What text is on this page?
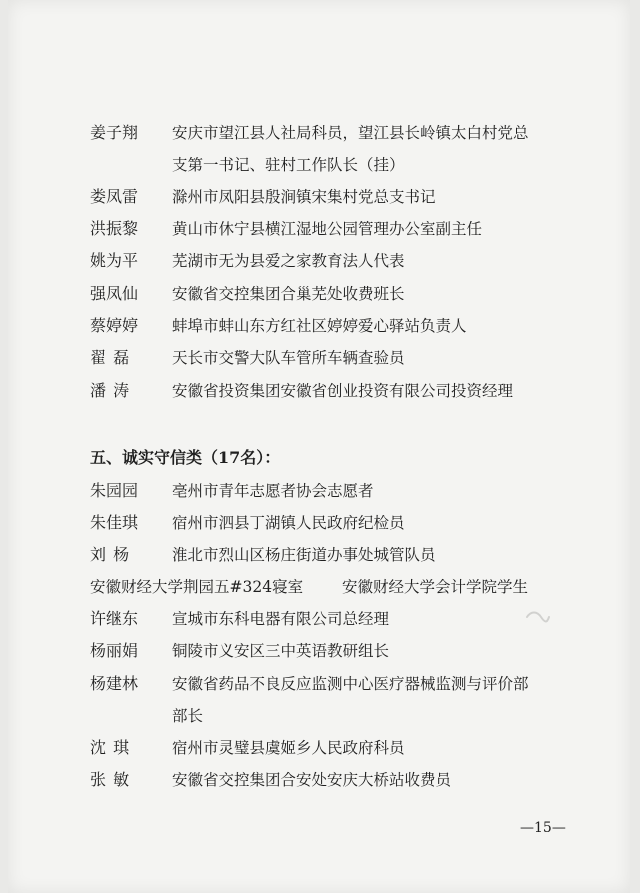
姜子翔	安庆市望江县人社局科员，望江县长岭镇太白村党总
支第一书记、驻村工作队长（挂）
娄凤雷	滁州市凤阳县殷涧镇宋集村党总支书记
洪振黎	黄山市休宁县横江湿地公园管理办公室副主任
姚为平	芜湖市无为县爱之家教育法人代表
强凤仙	安徽省交控集团合巢芜处收费班长
蔡婷婷	蚌埠市蚌山东方红社区婷婷爱心驿站负责人
翟 磊	天长市交警大队车管所车辆查验员
潘 涛	安徽省投资集团安徽省创业投资有限公司投资经理
五、诚实守信类（17名）：
朱园园	亳州市青年志愿者协会志愿者
朱佳琪	宿州市泗县丁湖镇人民政府纪检员
刘 杨	淮北市烈山区杨庄街道办事处城管队员
安徽财经大学荆园五#324寝室	安徽财经大学会计学院学生
许继东	宣城市东科电器有限公司总经理
杨丽娟	铜陵市义安区三中英语教研组长
杨建林	安徽省药品不良反应监测中心医疗器械监测与评价部
部长
沈 琪	宿州市灵璧县虞姬乡人民政府科员
张 敏	安徽省交控集团合安处安庆大桥站收费员
—15—
